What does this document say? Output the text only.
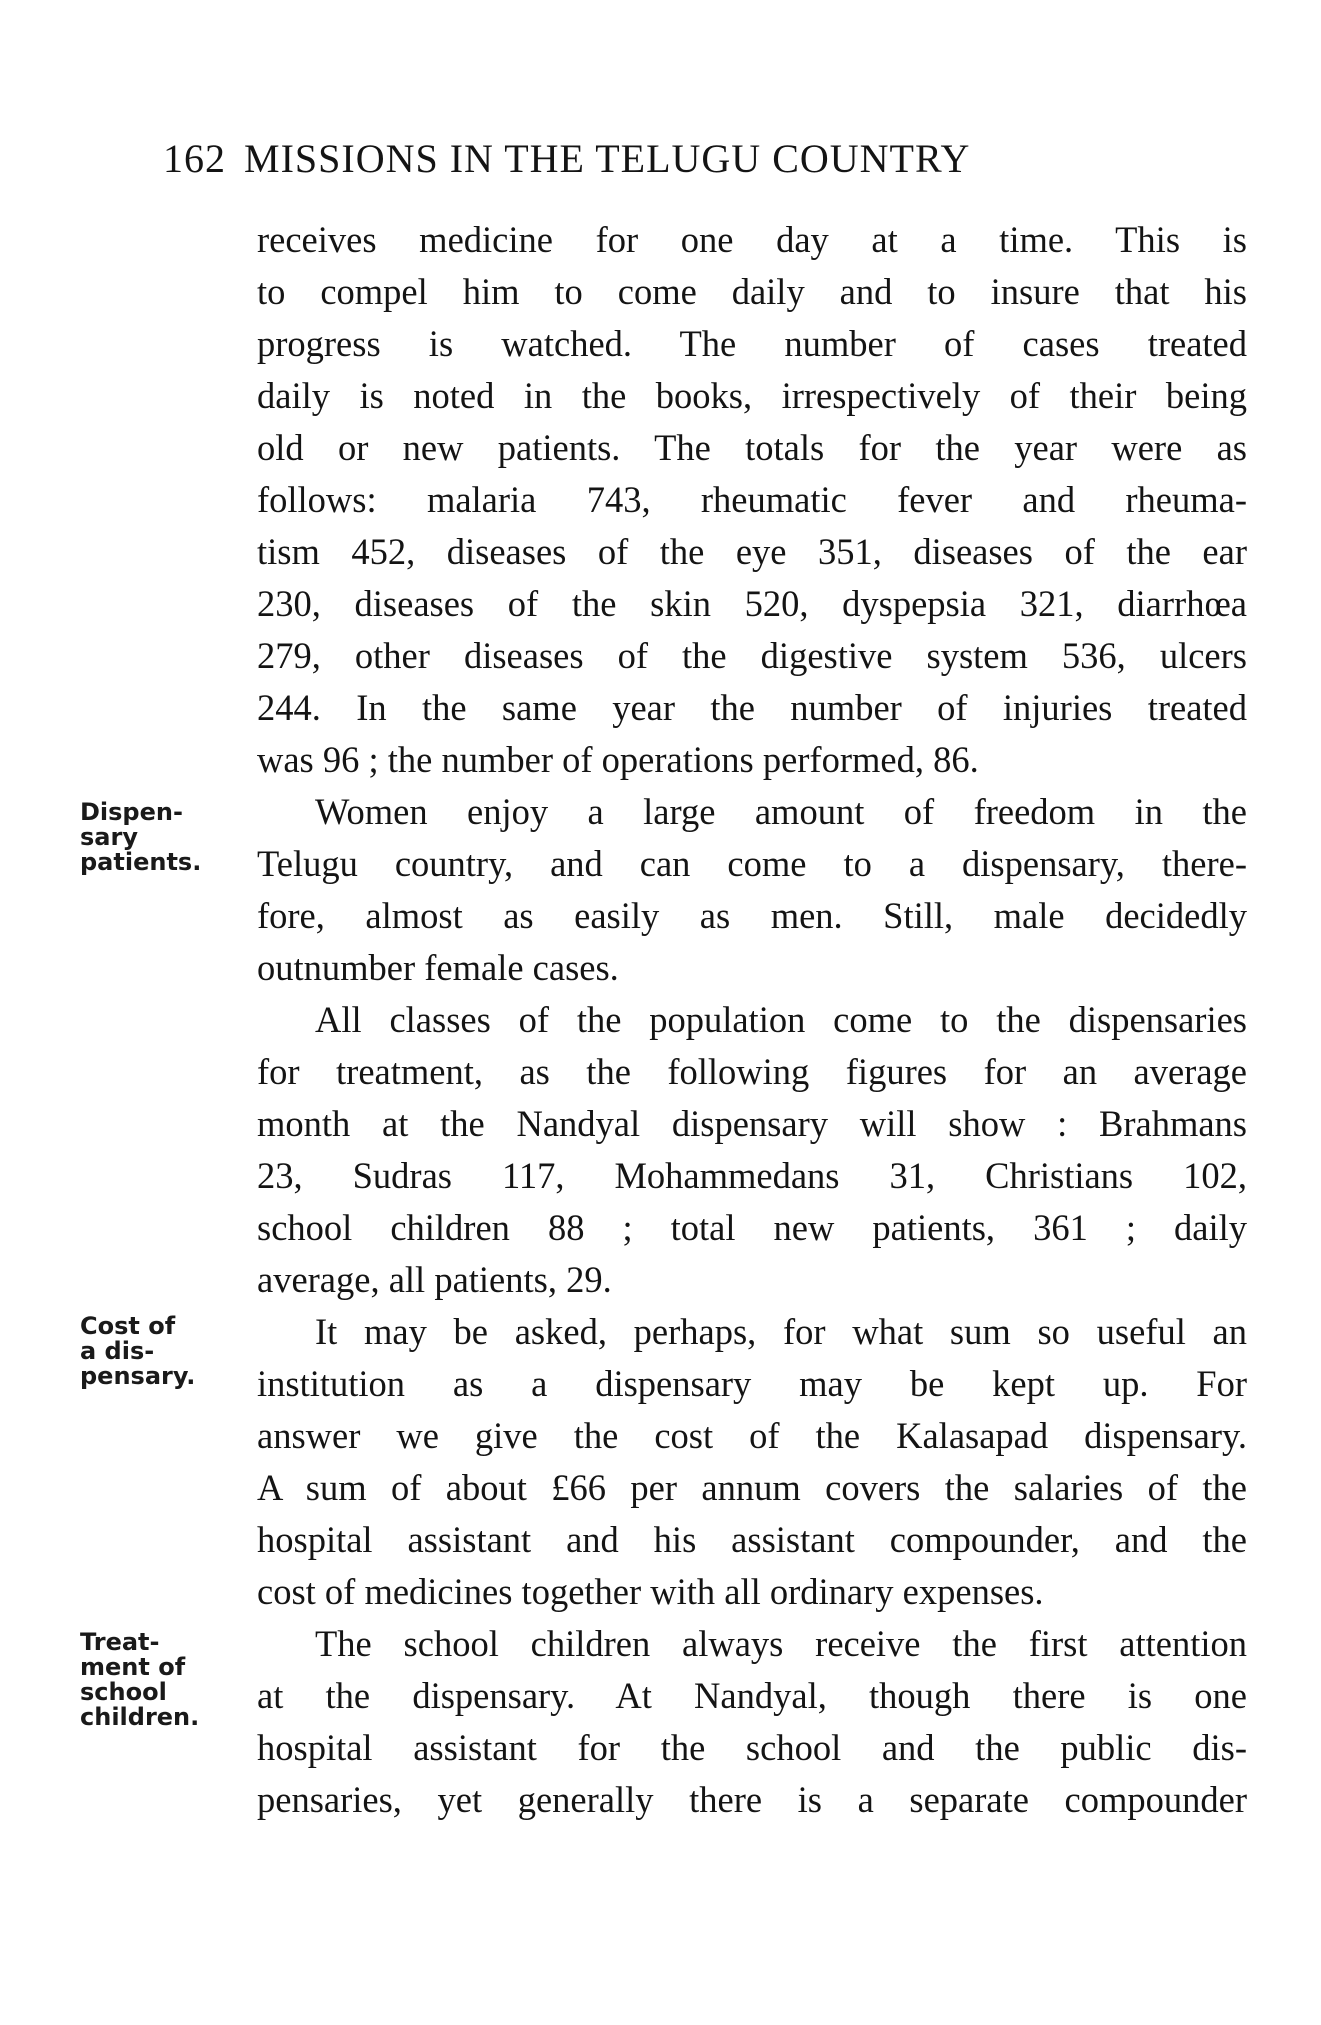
162 MISSIONS IN THE TELUGU COUNTRY
Dispen-
sary
patients.
Cost of
a dis-
pensary.
Treat-
ment of
school
children.
receives medicine for one day at a time. This is
to compel him to come daily and to insure that his
progress is watched. The number of cases treated
daily is noted in the books, irrespectively of their being
old or new patients. The totals for the year were as
follows: malaria 743, rheumatic fever and rheuma-
tism 452, diseases of the eye 351, diseases of the ear
230, diseases of the skin 520, dyspepsia 321, diarrhœa
279, other diseases of the digestive system 536, ulcers
244. In the same year the number of injuries treated
was 96 ; the number of operations performed, 86.
Women enjoy a large amount of freedom in the
Telugu country, and can come to a dispensary, there-
fore, almost as easily as men. Still, male decidedly
outnumber female cases.
All classes of the population come to the dispensaries
for treatment, as the following figures for an average
month at the Nandyal dispensary will show : Brahmans
23, Sudras 117, Mohammedans 31, Christians 102,
school children 88 ; total new patients, 361 ; daily
average, all patients, 29.
It may be asked, perhaps, for what sum so useful an
institution as a dispensary may be kept up. For
answer we give the cost of the Kalasapad dispensary.
A sum of about £66 per annum covers the salaries of the
hospital assistant and his assistant compounder, and the
cost of medicines together with all ordinary expenses.
The school children always receive the first attention
at the dispensary. At Nandyal, though there is one
hospital assistant for the school and the public dis-
pensaries, yet generally there is a separate compounder
